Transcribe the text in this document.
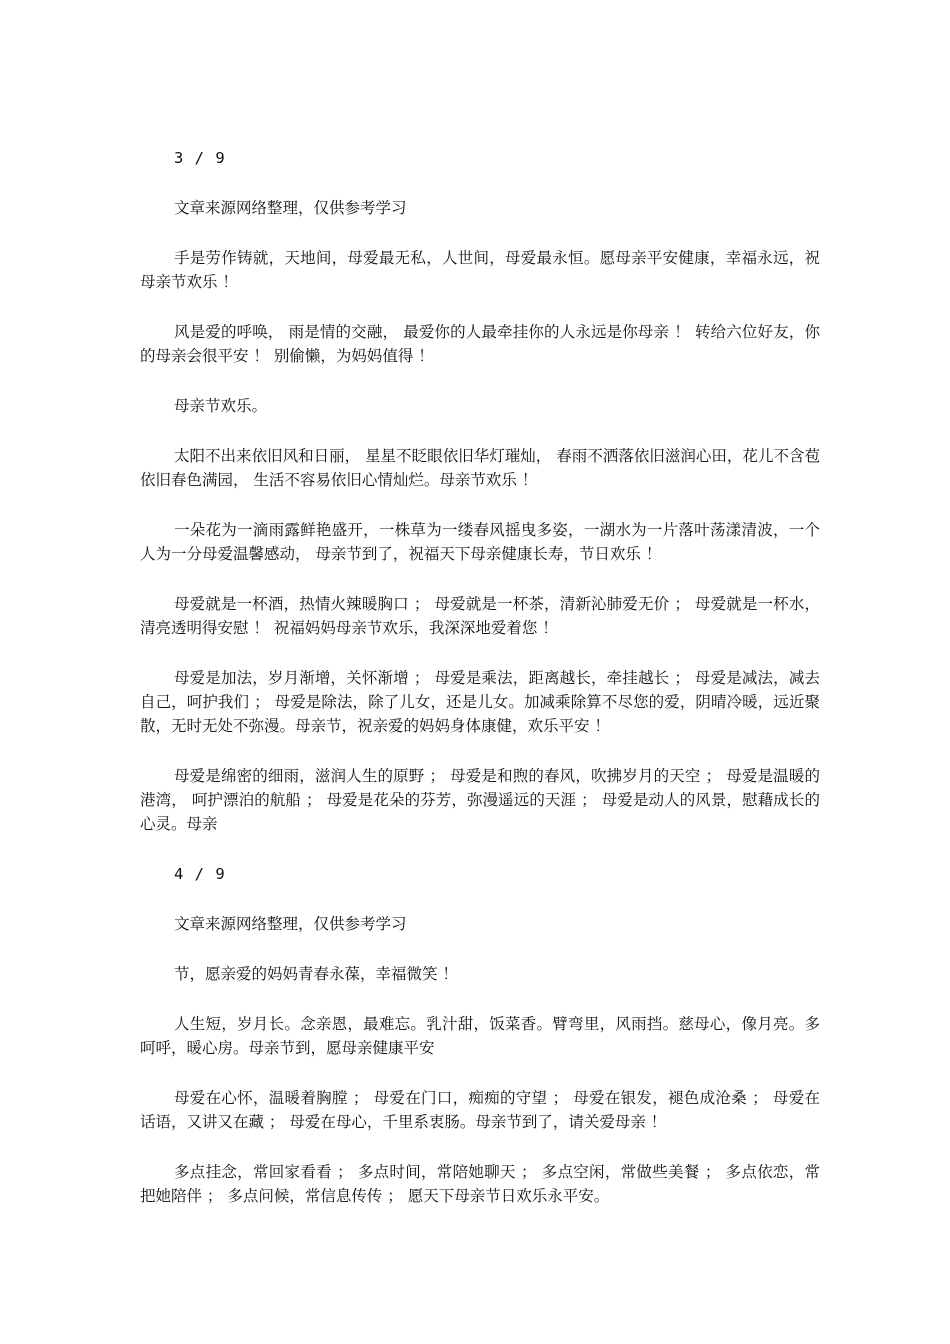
3 / 9

文章来源网络整理，仅供参考学习

手是劳作铸就，天地间，母爱最无私，人世间，母爱最永恒。愿母亲平安健康，幸福永远，祝母亲节欢乐 ！

风是爱的呼唤， 雨是情的交融， 最爱你的人最牵挂你的人永远是你母亲 ！ 转给六位好友，你的母亲会很平安 ！ 别偷懒，为妈妈值得 ！

母亲节欢乐。

太阳不出来依旧风和日丽， 星星不眨眼依旧华灯璀灿， 春雨不洒落依旧滋润心田，花儿不含苞依旧春色满园， 生活不容易依旧心情灿烂。母亲节欢乐 ！

一朵花为一滴雨露鲜艳盛开，一株草为一缕春风摇曳多姿，一湖水为一片落叶荡漾清波，一个人为一分母爱温馨感动， 母亲节到了，祝福天下母亲健康长寿，节日欢乐 ！

母爱就是一杯酒，热情火辣暖胸口 ； 母爱就是一杯茶，清新沁肺爱无价 ； 母爱就是一杯水，清亮透明得安慰 ！ 祝福妈妈母亲节欢乐，我深深地爱着您 ！

母爱是加法，岁月渐增，关怀渐增 ； 母爱是乘法，距离越长，牵挂越长 ； 母爱是减法，减去自己，呵护我们 ； 母爱是除法，除了儿女，还是儿女。加减乘除算不尽您的爱，阴晴冷暖，远近聚散，无时无处不弥漫。母亲节，祝亲爱的妈妈身体康健，欢乐平安 ！

母爱是绵密的细雨，滋润人生的原野 ； 母爱是和煦的春风，吹拂岁月的天空 ； 母爱是温暖的港湾， 呵护漂泊的航船 ； 母爱是花朵的芬芳，弥漫遥远的天涯 ； 母爱是动人的风景，慰藉成长的心灵。母亲

4 / 9

文章来源网络整理，仅供参考学习

节，愿亲爱的妈妈青春永葆，幸福微笑 ！

人生短，岁月长。念亲恩，最难忘。乳汁甜，饭菜香。臂弯里，风雨挡。慈母心，像月亮。多呵呼，暖心房。母亲节到，愿母亲健康平安

母爱在心怀，温暖着胸膛 ； 母爱在门口，痴痴的守望 ； 母爱在银发，褪色成沧桑 ； 母爱在话语，又讲又在藏 ； 母爱在母心，千里系衷肠。母亲节到了，请关爱母亲 ！

多点挂念，常回家看看 ； 多点时间，常陪她聊天 ； 多点空闲，常做些美餐 ； 多点依恋，常把她陪伴 ； 多点问候，常信息传传 ； 愿天下母亲节日欢乐永平安。
